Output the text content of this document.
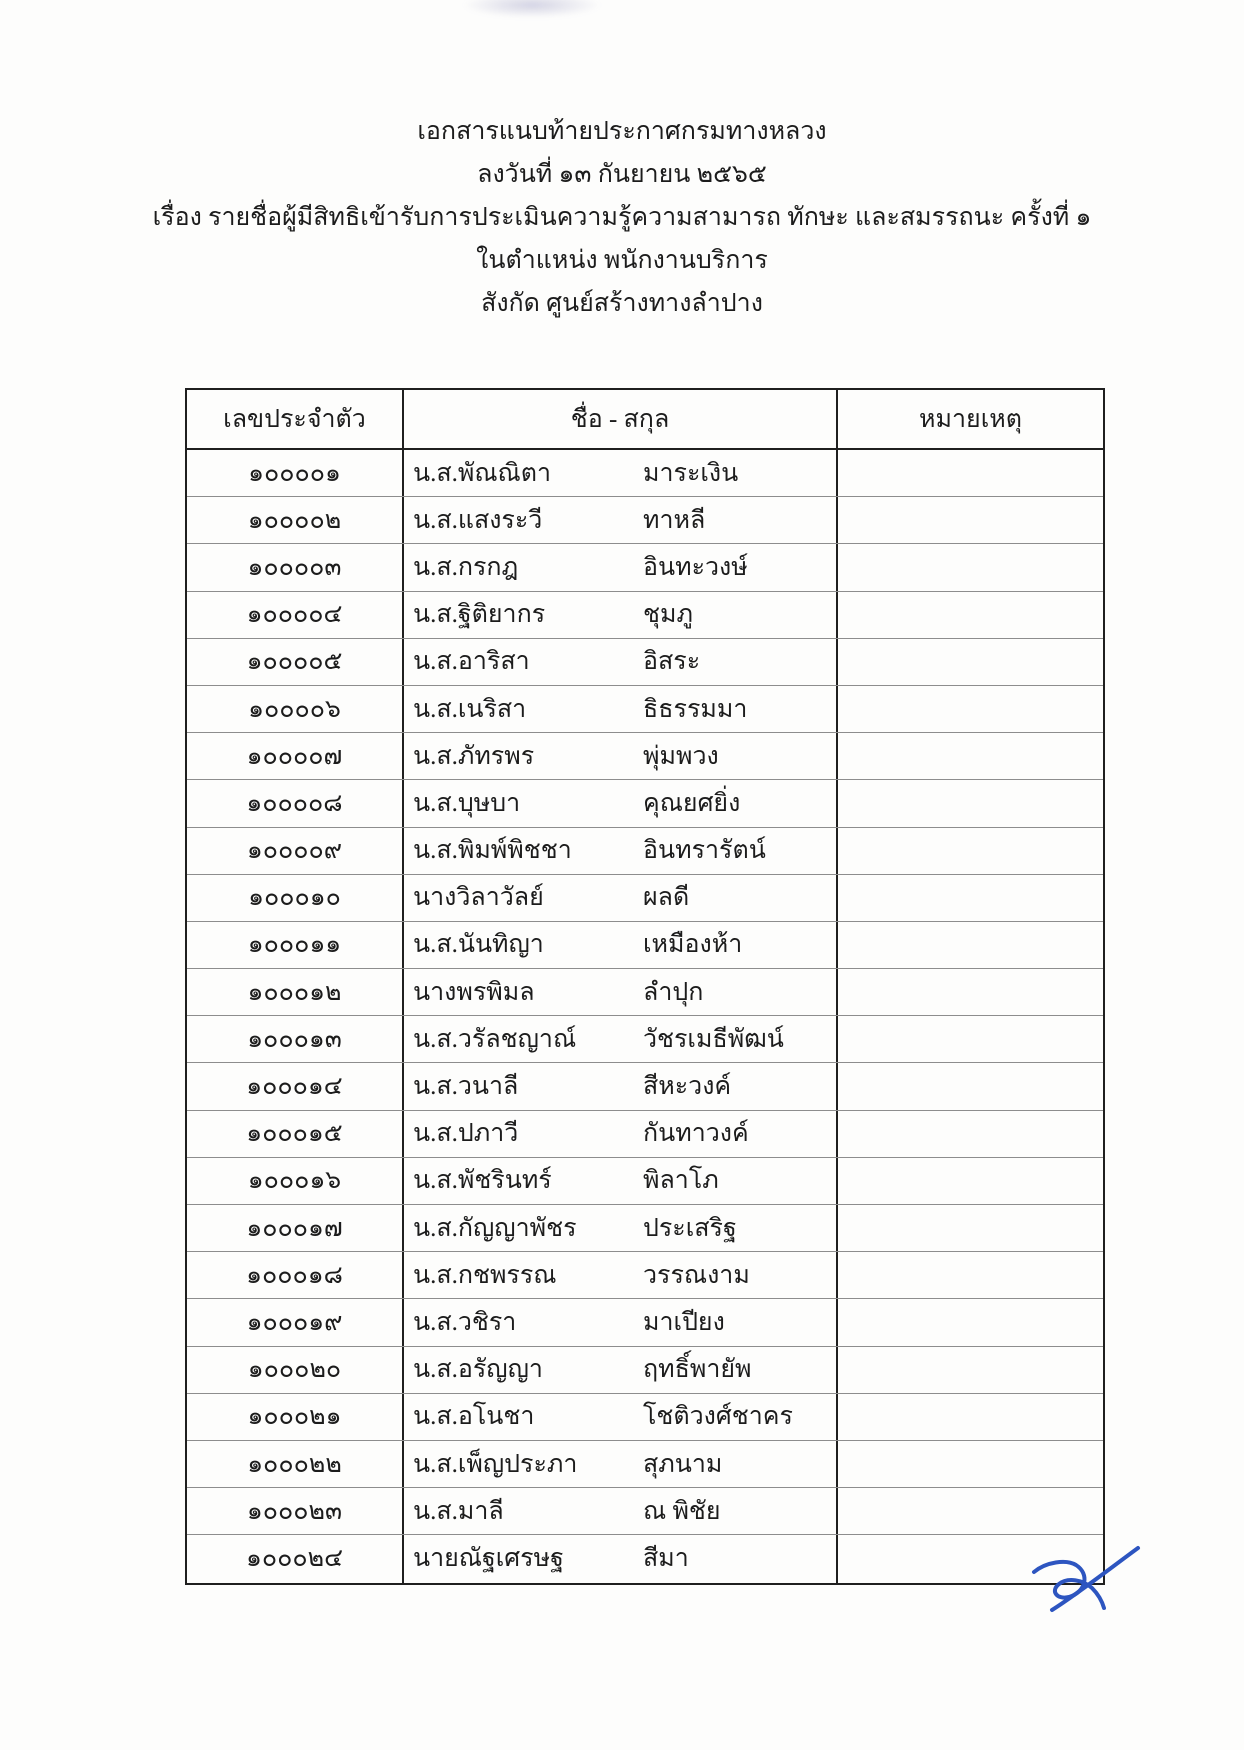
เอกสารแนบท้ายประกาศกรมทางหลวง
ลงวันที่ ๑๓ กันยายน ๒๕๖๕
เรื่อง รายชื่อผู้มีสิทธิเข้ารับการประเมินความรู้ความสามารถ ทักษะ และสมรรถนะ ครั้งที่ ๑
ในตำแหน่ง พนักงานบริการ
สังกัด ศูนย์สร้างทางลำปาง
เลขประจำตัว	ชื่อ - สกุล	หมายเหตุ
๑๐๐๐๐๑	น.ส.พัณณิตา	มาระเงิน
๑๐๐๐๐๒	น.ส.แสงระวี	ทาหลี
๑๐๐๐๐๓	น.ส.กรกฎ	อินทะวงษ์
๑๐๐๐๐๔	น.ส.ฐิติยากร	ชุมภู
๑๐๐๐๐๕	น.ส.อาริสา	อิสระ
๑๐๐๐๐๖	น.ส.เนริสา	ธิธรรมมา
๑๐๐๐๐๗	น.ส.ภัทรพร	พุ่มพวง
๑๐๐๐๐๘	น.ส.บุษบา	คุณยศยิ่ง
๑๐๐๐๐๙	น.ส.พิมพ์พิชชา	อินทรารัตน์
๑๐๐๐๑๐	นางวิลาวัลย์	ผลดี
๑๐๐๐๑๑	น.ส.นันทิญา	เหมืองห้า
๑๐๐๐๑๒	นางพรพิมล	ลำปุก
๑๐๐๐๑๓	น.ส.วรัลชญาณ์	วัชรเมธีพัฒน์
๑๐๐๐๑๔	น.ส.วนาลี	สีหะวงค์
๑๐๐๐๑๕	น.ส.ปภาวี	กันทาวงค์
๑๐๐๐๑๖	น.ส.พัชรินทร์	พิลาโภ
๑๐๐๐๑๗	น.ส.กัญญาพัชร	ประเสริฐ
๑๐๐๐๑๘	น.ส.กชพรรณ	วรรณงาม
๑๐๐๐๑๙	น.ส.วชิรา	มาเปียง
๑๐๐๐๒๐	น.ส.อรัญญา	ฤทธิ์พายัพ
๑๐๐๐๒๑	น.ส.อโนชา	โชติวงศ์ชาคร
๑๐๐๐๒๒	น.ส.เพ็ญประภา	สุภนาม
๑๐๐๐๒๓	น.ส.มาลี	ณ พิชัย
๑๐๐๐๒๔	นายณัฐเศรษฐ	สีมา
